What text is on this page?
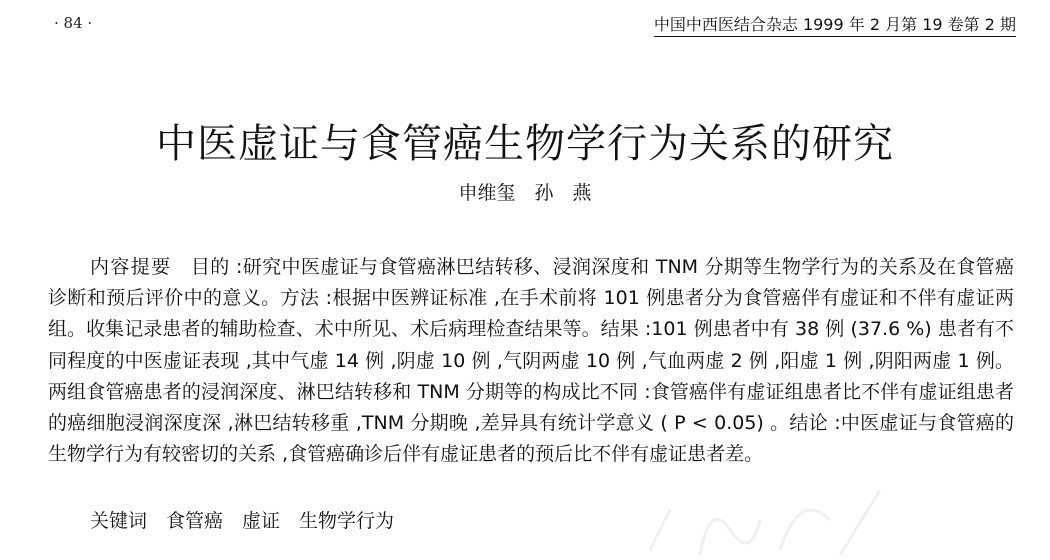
· 84 ·	中国中西医结合杂志 1999 年 2 月第 19 卷第 2 期
中医虚证与食管癌生物学行为关系的研究
申维玺　孙　燕

内容提要　目的 :研究中医虚证与食管癌淋巴结转移、浸润深度和 TNM 分期等生物学行为的关系及在食管癌诊断和预后评价中的意义。方法 :根据中医辨证标准 ,在手术前将 101 例患者分为食管癌伴有虚证和不伴有虚证两组。收集记录患者的辅助检查、术中所见、术后病理检查结果等。结果 :101 例患者中有 38 例 (37.6 %) 患者有不同程度的中医虚证表现 ,其中气虚 14 例 ,阴虚 10 例 ,气阴两虚 10 例 ,气血两虚 2 例 ,阳虚 1 例 ,阴阳两虚 1 例。两组食管癌患者的浸润深度、淋巴结转移和 TNM 分期等的构成比不同 :食管癌伴有虚证组患者比不伴有虚证组患者的癌细胞浸润深度深 ,淋巴结转移重 ,TNM 分期晚 ,差异具有统计学意义 ( P < 0.05) 。结论 :中医虚证与食管癌的生物学行为有较密切的关系 ,食管癌确诊后伴有虚证患者的预后比不伴有虚证患者差。

关键词　食管癌　虚证　生物学行为
